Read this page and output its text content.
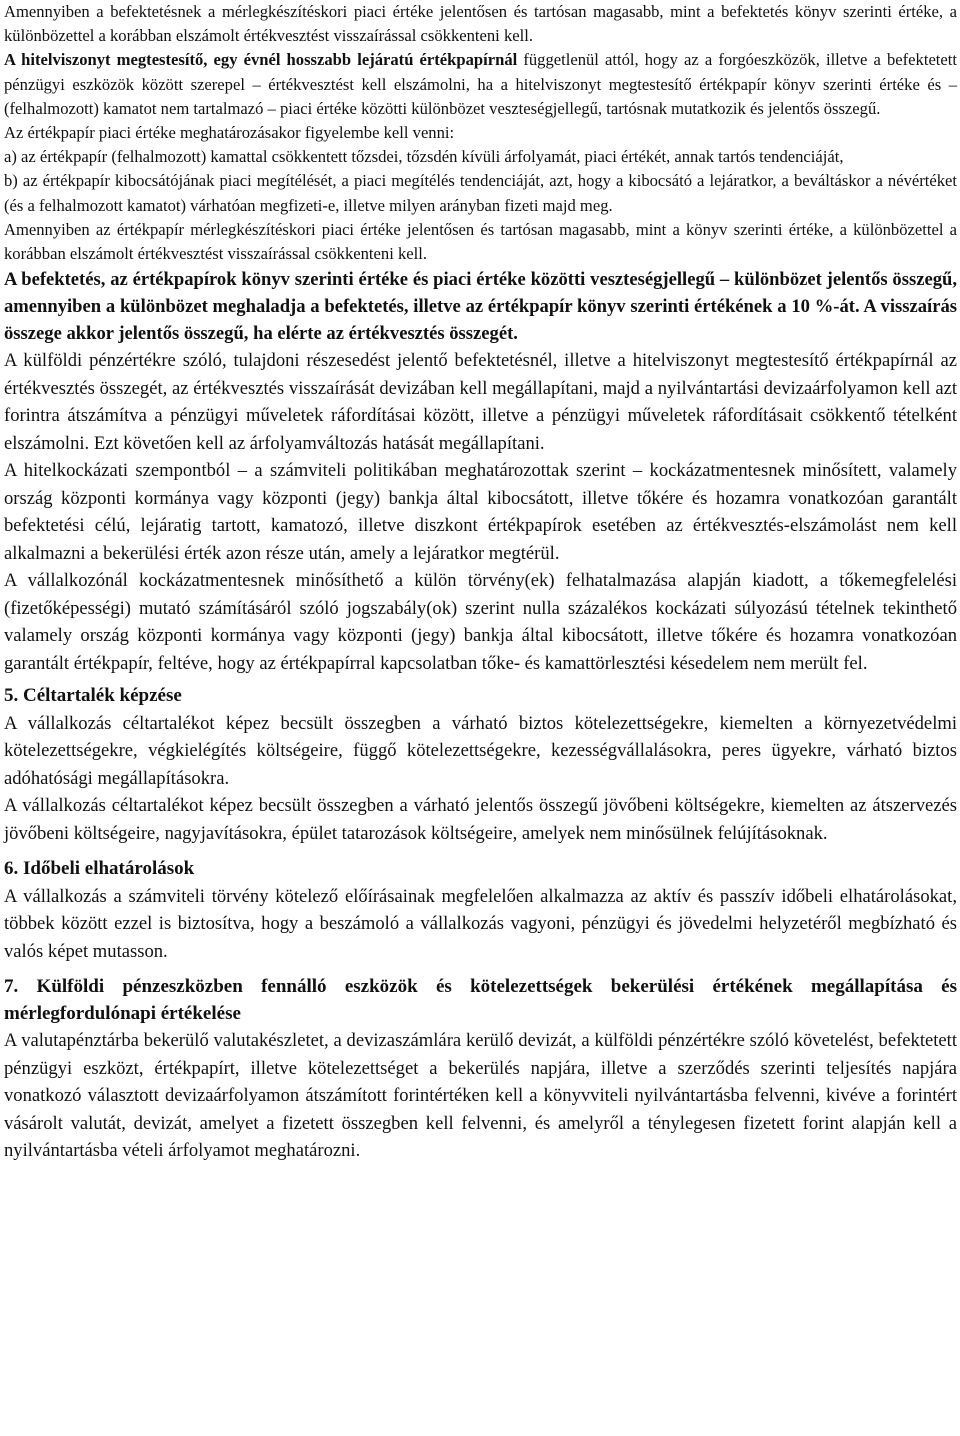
Amennyiben a befektetésnek a mérlegkészítéskori piaci értéke jelentősen és tartósan magasabb, mint a befektetés könyv szerinti értéke, a különbözettel a korábban elszámolt értékvesztést visszaírással csökkenteni kell.

A hitelviszonyt megtestesítő, egy évnél hosszabb lejáratú értékpapírnál függetlenül attól, hogy az a forgóeszközök, illetve a befektetett pénzügyi eszközök között szerepel – értékvesztést kell elszámolni, ha a hitelviszonyt megtestesítő értékpapír könyv szerinti értéke és – (felhalmozott) kamatot nem tartalmazó – piaci értéke közötti különbözet veszteségjellegű, tartósnak mutatkozik és jelentős összegű.

Az értékpapír piaci értéke meghatározásakor figyelembe kell venni:

a) az értékpapír (felhalmozott) kamattal csökkentett tőzsdei, tőzsdén kívüli árfolyamát, piaci értékét, annak tartós tendenciáját,

b) az értékpapír kibocsátójának piaci megítélését, a piaci megítélés tendenciáját, azt, hogy a kibocsátó a lejáratkor, a beváltáskor a névértéket (és a felhalmozott kamatot) várhatóan megfizeti-e, illetve milyen arányban fizeti majd meg.

Amennyiben az értékpapír mérlegkészítéskori piaci értéke jelentősen és tartósan magasabb, mint a könyv szerinti értéke, a különbözettel a korábban elszámolt értékvesztést visszaírással csökkenteni kell.

A befektetés, az értékpapírok könyv szerinti értéke és piaci értéke közötti veszteségjellegű – különbözet jelentős összegű, amennyiben a különbözet meghaladja a befektetés, illetve az értékpapír könyv szerinti értékének a 10 %-át. A visszaírás összege akkor jelentős összegű, ha elérte az értékvesztés összegét.

A külföldi pénzértékre szóló, tulajdoni részesedést jelentő befektetésnél, illetve a hitelviszonyt megtestesítő értékpapírnál az értékvesztés összegét, az értékvesztés visszaírását devizában kell megállapítani, majd a nyilvántartási devizaárfolyamon kell azt forintra átszámítva a pénzügyi műveletek ráfordításai között, illetve a pénzügyi műveletek ráfordításait csökkentő tételként elszámolni. Ezt követően kell az árfolyamváltozás hatását megállapítani.

A hitelkockázati szempontból – a számviteli politikában meghatározottak szerint – kockázatmentesnek minősített, valamely ország központi kormánya vagy központi (jegy) bankja által kibocsátott, illetve tőkére és hozamra vonatkozóan garantált befektetési célú, lejáratig tartott, kamatozó, illetve diszkont értékpapírok esetében az értékvesztés-elszámolást nem kell alkalmazni a bekerülési érték azon része után, amely a lejáratkor megtérül.

A vállalkozónál kockázatmentesnek minősíthető a külön törvény(ek) felhatalmazása alapján kiadott, a tőkemegfelelési (fizetőképességi) mutató számításáról szóló jogszabály(ok) szerint nulla százalékos kockázati súlyozású tételnek tekinthető valamely ország központi kormánya vagy központi (jegy) bankja által kibocsátott, illetve tőkére és hozamra vonatkozóan garantált értékpapír, feltéve, hogy az értékpapírral kapcsolatban tőke- és kamattörlesztési késedelem nem merült fel.

5. Céltartalék képzése

A vállalkozás céltartalékot képez becsült összegben a várható biztos kötelezettségekre, kiemelten a környezetvédelmi kötelezettségekre, végkielégítés költségeire, függő kötelezettségekre, kezességvállalásokra, peres ügyekre, várható biztos adóhatósági megállapításokra.

A vállalkozás céltartalékot képez becsült összegben a várható jelentős összegű jövőbeni költségekre, kiemelten az átszervezés jövőbeni költségeire, nagyjavításokra, épület tatarozások költségeire, amelyek nem minősülnek felújításoknak.

6. Időbeli elhatárolások

A vállalkozás a számviteli törvény kötelező előírásainak megfelelően alkalmazza az aktív és passzív időbeli elhatárolásokat, többek között ezzel is biztosítva, hogy a beszámoló a vállalkozás vagyoni, pénzügyi és jövedelmi helyzetéről megbízható és valós képet mutasson.

7. Külföldi pénzeszközben fennálló eszközök és kötelezettségek bekerülési értékének megállapítása és mérlegfordulónapi értékelése

A valutapénztárba bekerülő valutakészletet, a devizaszámlára kerülő devizát, a külföldi pénzértékre szóló követelést, befektetett pénzügyi eszközt, értékpapírt, illetve kötelezettséget a bekerülés napjára, illetve a szerződés szerinti teljesítés napjára vonatkozó választott devizaárfolyamon átszámított forintértéken kell a könyvviteli nyilvántartásba felvenni, kivéve a forintért vásárolt valutát, devizát, amelyet a fizetett összegben kell felvenni, és amelyről a ténylegesen fizetett forint alapján kell a nyilvántartásba vételi árfolyamot meghatározni.
